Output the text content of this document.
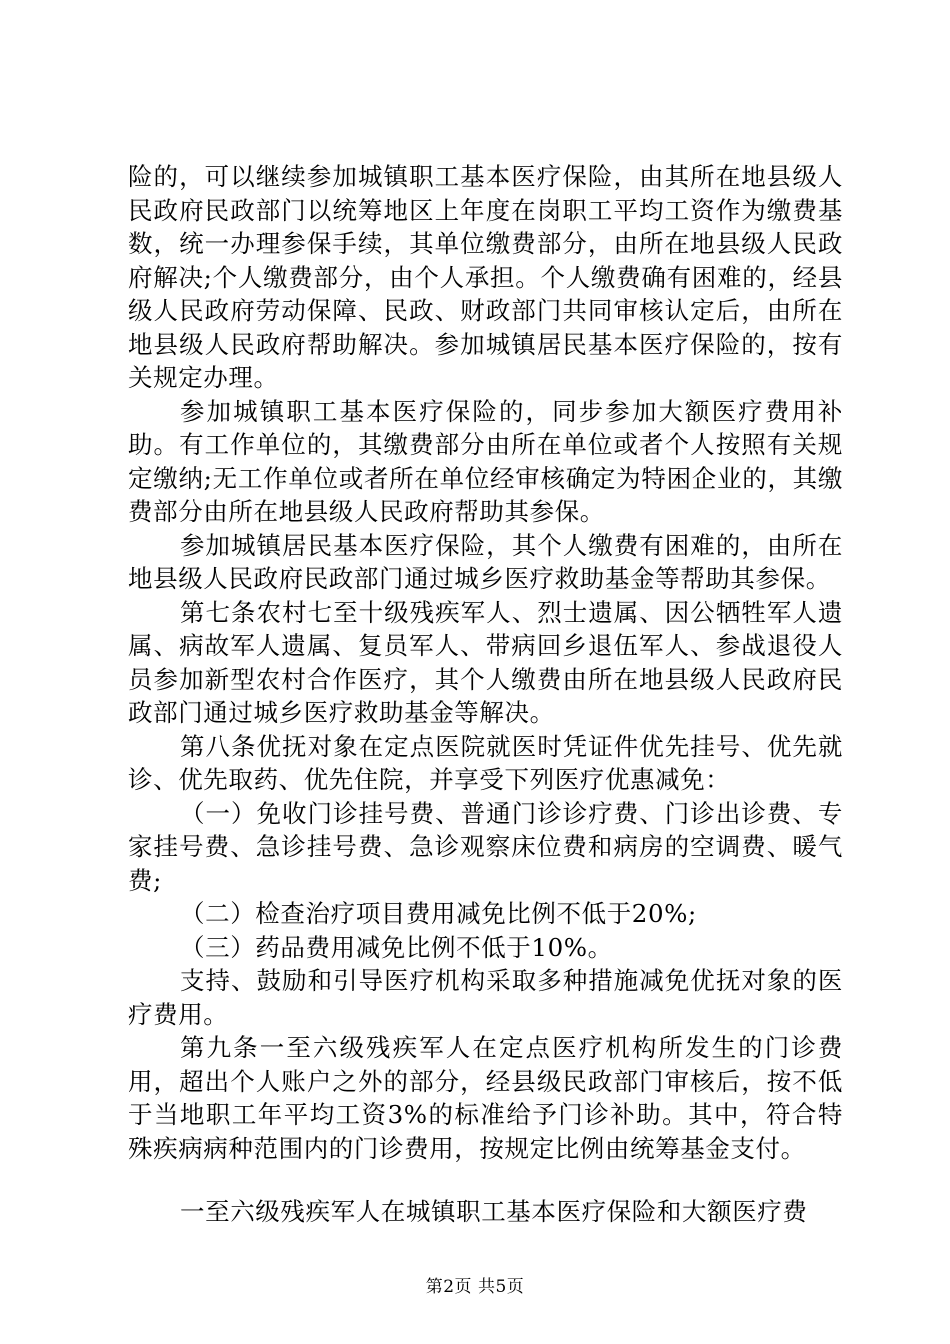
险的，可以继续参加城镇职工基本医疗保险，由其所在地县级人民政府民政部门以统筹地区上年度在岗职工平均工资作为缴费基数，统一办理参保手续，其单位缴费部分，由所在地县级人民政府解决;个人缴费部分，由个人承担。个人缴费确有困难的，经县级人民政府劳动保障、民政、财政部门共同审核认定后，由所在地县级人民政府帮助解决。参加城镇居民基本医疗保险的，按有关规定办理。

参加城镇职工基本医疗保险的，同步参加大额医疗费用补助。有工作单位的，其缴费部分由所在单位或者个人按照有关规定缴纳;无工作单位或者所在单位经审核确定为特困企业的，其缴费部分由所在地县级人民政府帮助其参保。

参加城镇居民基本医疗保险，其个人缴费有困难的，由所在地县级人民政府民政部门通过城乡医疗救助基金等帮助其参保。

第七条农村七至十级残疾军人、烈士遗属、因公牺牲军人遗属、病故军人遗属、复员军人、带病回乡退伍军人、参战退役人员参加新型农村合作医疗，其个人缴费由所在地县级人民政府民政部门通过城乡医疗救助基金等解决。

第八条优抚对象在定点医院就医时凭证件优先挂号、优先就诊、优先取药、优先住院，并享受下列医疗优惠减免：

（一）免收门诊挂号费、普通门诊诊疗费、门诊出诊费、专家挂号费、急诊挂号费、急诊观察床位费和病房的空调费、暖气费;

（二）检查治疗项目费用减免比例不低于20%;

（三）药品费用减免比例不低于10%。

支持、鼓励和引导医疗机构采取多种措施减免优抚对象的医疗费用。

第九条一至六级残疾军人在定点医疗机构所发生的门诊费用，超出个人账户之外的部分，经县级民政部门审核后，按不低于当地职工年平均工资3%的标准给予门诊补助。其中，符合特殊疾病病种范围内的门诊费用，按规定比例由统筹基金支付。

一至六级残疾军人在城镇职工基本医疗保险和大额医疗费

第2页 共5页
